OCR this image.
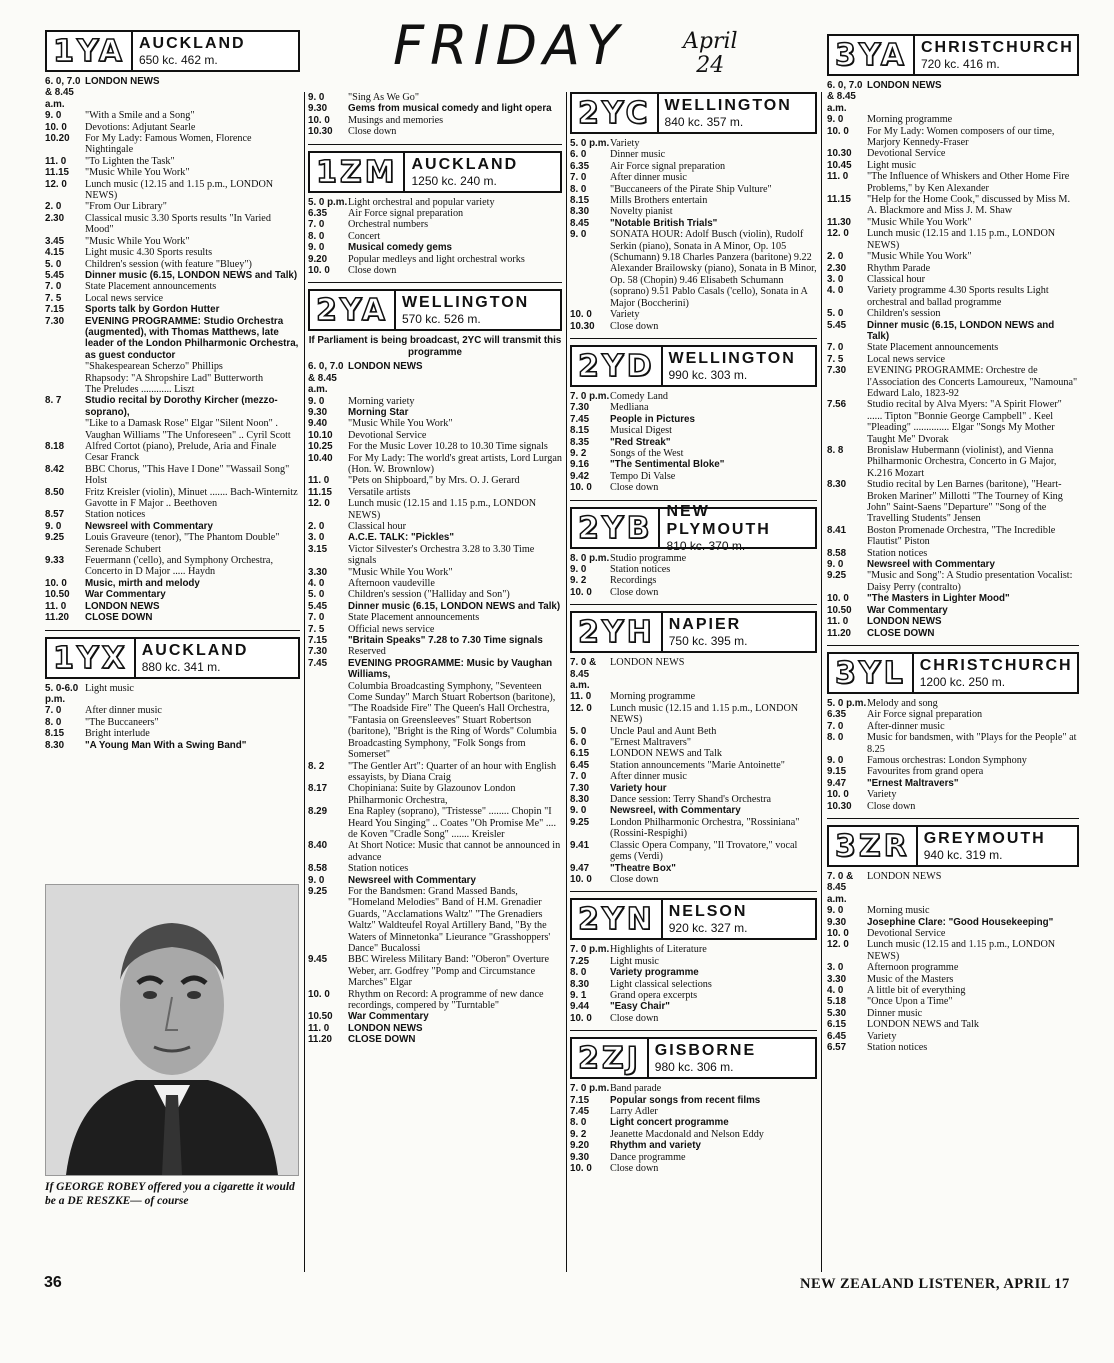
FRIDAY	April
24
1YA AUCKLAND
650 kc. 462 m.
6. 0, 7.0 & 8.45 a.m.
LONDON NEWS
9. 0	"With a Smile and a Song"
10. 0	Devotions: Adjutant Searle
10.20	For My Lady: Famous Women, Florence Nightingale
11. 0	"To Lighten the Task"
11.15	"Music While You Work"
12. 0	Lunch music (12.15 and 1.15 p.m., LONDON NEWS)
2. 0	"From Our Library"
2.30	Classical music 3.30 Sports results "In Varied Mood"
3.45	"Music While You Work"
4.15	Light music 4.30 Sports results
5. 0	Children's session (with feature "Bluey")
5.45	Dinner music (6.15, LONDON NEWS and Talk)
7. 0	State Placement announcements
7. 5	Local news service
7.15	Sports talk by Gordon Hutter
7.30	EVENING PROGRAMME: Studio Orchestra (augmented), with Thomas Matthews, late leader of the London Philharmonic Orchestra, as guest conductor
"Shakespearean Scherzo" Phillips
Rhapsody: "A Shropshire Lad" Butterworth
The Preludes ............ Liszt
8. 7	Studio recital by Dorothy Kircher (mezzo-soprano),
"Like to a Damask Rose" Elgar "Silent Noon" . Vaughan Williams "The Unforeseen" .. Cyril Scott
8.18	Alfred Cortot (piano), Prelude, Aria and Finale Cesar Franck
8.42	BBC Chorus, "This Have I Done" "Wassail Song" Holst
8.50	Fritz Kreisler (violin), Minuet ....... Bach-Winternitz Gavotte in F Major .. Beethoven
8.57	Station notices
9. 0	Newsreel with Commentary
9.25	Louis Graveure (tenor), "The Phantom Double" Serenade Schubert
9.33	Feuermann ('cello), and Symphony Orchestra, Concerto in D Major ..... Haydn
10. 0	Music, mirth and melody
10.50	War Commentary
11. 0	LONDON NEWS
11.20	CLOSE DOWN
1YX AUCKLAND
880 kc. 341 m.
5. 0-6.0 p.m.
Light music
7. 0	After dinner music
8. 0	"The Buccaneers"
8.15	Bright interlude
8.30	"A Young Man With a Swing Band"
9. 0	"Sing As We Go"
9.30	Gems from musical comedy and light opera
10. 0	Musings and memories
10.30	Close down
1ZM AUCKLAND
1250 kc. 240 m.
5. 0 p.m. Light orchestral and popular variety
6.35	Air Force signal preparation
7. 0	Orchestral numbers
8. 0	Concert
9. 0	Musical comedy gems
9.20	Popular medleys and light orchestral works
10. 0	Close down
2YA WELLINGTON
570 kc. 526 m.
If Parliament is being broadcast, 2YC will transmit this programme
6. 0, 7.0 & 8.45 a.m.
LONDON NEWS
9. 0	Morning variety
9.30	Morning Star
9.40	"Music While You Work"
10.10	Devotional Service
10.25	For the Music Lover 10.28 to 10.30 Time signals
10.40	For My Lady: The world's great artists, Lord Lurgan (Hon. W. Brownlow)
11. 0	"Pets on Shipboard," by Mrs. O. J. Gerard
11.15	Versatile artists
12. 0	Lunch music (12.15 and 1.15 p.m., LONDON NEWS)
2. 0	Classical hour
3. 0	A.C.E. TALK: "Pickles"
3.15	Victor Silvester's Orchestra 3.28 to 3.30 Time signals
3.30	"Music While You Work"
4. 0	Afternoon vaudeville
5. 0	Children's session ("Halliday and Son")
5.45	Dinner music (6.15, LONDON NEWS and Talk)
7. 0	State Placement announcements
7. 5	Official news service
7.15	"Britain Speaks" 7.28 to 7.30 Time signals
7.30	Reserved
7.45	EVENING PROGRAMME: Music by Vaughan Williams,
Columbia Broadcasting Symphony, "Seventeen Come Sunday" March Stuart Robertson (baritone), "The Roadside Fire" The Queen's Hall Orchestra, "Fantasia on Greensleeves" Stuart Robertson (baritone), "Bright is the Ring of Words" Columbia Broadcasting Symphony, "Folk Songs from Somerset"
8. 2	"The Gentler Art": Quarter of an hour with English essayists, by Diana Craig
8.17	Chopiniana: Suite by Glazounov London Philharmonic Orchestra,
8.29	Ena Rapley (soprano), "Tristesse" ........ Chopin "I Heard You Singing" .. Coates "Oh Promise Me" .... de Koven "Cradle Song" ....... Kreisler
8.40	At Short Notice: Music that cannot be announced in advance
8.58	Station notices
9. 0	Newsreel with Commentary
9.25	For the Bandsmen: Grand Massed Bands, "Homeland Melodies" Band of H.M. Grenadier Guards, "Acclamations Waltz" "The Grenadiers Waltz" Waldteufel Royal Artillery Band, "By the Waters of Minnetonka" Lieurance "Grasshoppers' Dance" Bucalossi
9.45	BBC Wireless Military Band: "Oberon" Overture Weber, arr. Godfrey "Pomp and Circumstance Marches" Elgar
10. 0	Rhythm on Record: A programme of new dance recordings, compered by "Turntable"
10.50	War Commentary
11. 0	LONDON NEWS
11.20	CLOSE DOWN
2YC WELLINGTON
840 kc. 357 m.
5. 0 p.m. Variety
6. 0	Dinner music
6.35	Air Force signal preparation
7. 0	After dinner music
8. 0	"Buccaneers of the Pirate Ship Vulture"
8.15	Mills Brothers entertain
8.30	Novelty pianist
8.45	"Notable British Trials"
9. 0	SONATA HOUR: Adolf Busch (violin), Rudolf Serkin (piano), Sonata in A Minor, Op. 105 (Schumann) 9.18 Charles Panzera (baritone) 9.22 Alexander Brailowsky (piano), Sonata in B Minor, Op. 58 (Chopin) 9.46 Elisabeth Schumann (soprano) 9.51 Pablo Casals ('cello), Sonata in A Major (Boccherini)
10. 0	Variety
10.30	Close down
2YD WELLINGTON
990 kc. 303 m.
7. 0 p.m. Comedy Land
7.30	Medliana
7.45	People in Pictures
8.15	Musical Digest
8.35	"Red Streak"
9. 2	Songs of the West
9.16	"The Sentimental Bloke"
9.42	Tempo Di Valse
10. 0	Close down
2YB NEW PLYMOUTH
810 kc. 370 m.
8. 0 p.m. Studio programme
9. 0	Station notices
9. 2	Recordings
10. 0	Close down
2YH NAPIER
750 kc. 395 m.
7. 0 & 8.45 a.m.
LONDON NEWS
11. 0	Morning programme
12. 0	Lunch music (12.15 and 1.15 p.m., LONDON NEWS)
5. 0	Uncle Paul and Aunt Beth
6. 0	"Ernest Maltravers"
6.15	LONDON NEWS and Talk
6.45	Station announcements "Marie Antoinette"
7. 0	After dinner music
7.30	Variety hour
8.30	Dance session: Terry Shand's Orchestra
9. 0	Newsreel, with Commentary
9.25	London Philharmonic Orchestra, "Rossiniana" (Rossini-Respighi)
9.41	Classic Opera Company, "Il Trovatore," vocal gems (Verdi)
9.47	"Theatre Box"
10. 0	Close down
2YN NELSON
920 kc. 327 m.
7. 0 p.m. Highlights of Literature
7.25	Light music
8. 0	Variety programme
8.30	Light classical selections
9. 1	Grand opera excerpts
9.44	"Easy Chair"
10. 0	Close down
2ZJ GISBORNE
980 kc. 306 m.
7. 0 p.m. Band parade
7.15	Popular songs from recent films
7.45	Larry Adler
8. 0	Light concert programme
9. 2	Jeanette Macdonald and Nelson Eddy
9.20	Rhythm and variety
9.30	Dance programme
10. 0	Close down
3YA CHRISTCHURCH
720 kc. 416 m.
6. 0, 7.0 & 8.45 a.m.
LONDON NEWS
9. 0	Morning programme
10. 0	For My Lady: Women composers of our time, Marjory Kennedy-Fraser
10.30	Devotional Service
10.45	Light music
11. 0	"The Influence of Whiskers and Other Home Fire Problems," by Ken Alexander
11.15	"Help for the Home Cook," discussed by Miss M. A. Blackmore and Miss J. M. Shaw
11.30	"Music While You Work"
12. 0	Lunch music (12.15 and 1.15 p.m., LONDON NEWS)
2. 0	"Music While You Work"
2.30	Rhythm Parade
3. 0	Classical hour
4. 0	Variety programme 4.30 Sports results Light orchestral and ballad programme
5. 0	Children's session
5.45	Dinner music (6.15, LONDON NEWS and Talk)
7. 0	State Placement announcements
7. 5	Local news service
7.30	EVENING PROGRAMME: Orchestre de l'Association des Concerts Lamoureux, "Namouna" Edward Lalo, 1823-92
7.56	Studio recital by Alva Myers: "A Spirit Flower" ...... Tipton "Bonnie George Campbell" . Keel "Pleading" .............. Elgar "Songs My Mother Taught Me" Dvorak
8. 8	Bronislaw Hubermann (violinist), and Vienna Philharmonic Orchestra, Concerto in G Major, K.216 Mozart
8.30	Studio recital by Len Barnes (baritone), "Heart-Broken Mariner" Millotti "The Tourney of King John" Saint-Saens "Departure" "Song of the Travelling Students" Jensen
8.41	Boston Promenade Orchestra, "The Incredible Flautist" Piston
8.58	Station notices
9. 0	Newsreel with Commentary
9.25	"Music and Song": A Studio presentation Vocalist: Daisy Perry (contralto)
10. 0	"The Masters in Lighter Mood"
10.50	War Commentary
11. 0	LONDON NEWS
11.20	CLOSE DOWN
3YL CHRISTCHURCH
1200 kc. 250 m.
5. 0 p.m. Melody and song
6.35	Air Force signal preparation
7. 0	After-dinner music
8. 0	Music for bandsmen, with "Plays for the People" at 8.25
9. 0	Famous orchestras: London Symphony
9.15	Favourites from grand opera
9.47	"Ernest Maltravers"
10. 0	Variety
10.30	Close down
3ZR GREYMOUTH
940 kc. 319 m.
7. 0 & 8.45 a.m.
LONDON NEWS
9. 0	Morning music
9.30	Josephine Clare: "Good Housekeeping"
10. 0	Devotional Service
12. 0	Lunch music (12.15 and 1.15 p.m., LONDON NEWS)
3. 0	Afternoon programme
3.30	Music of the Masters
4. 0	A little bit of everything
5.18	"Once Upon a Time"
5.30	Dinner music
6.15	LONDON NEWS and Talk
6.45	Variety
6.57	Station notices
If GEORGE ROBEY offered you a cigarette it would be a DE RESZKE— of course
36	NEW ZEALAND LISTENER, APRIL 17
